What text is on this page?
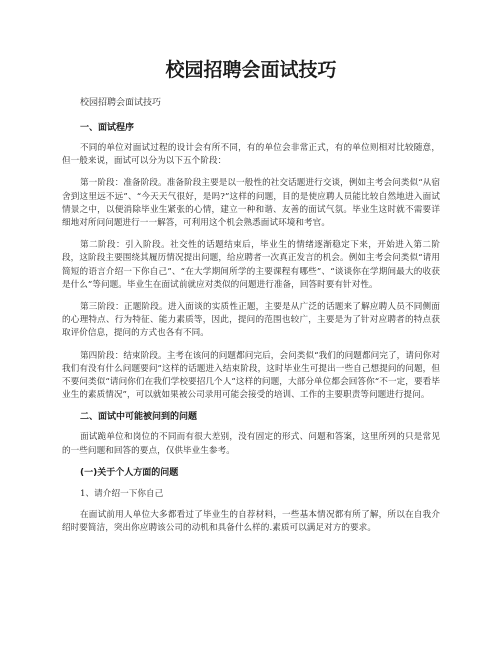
校园招聘会面试技巧
校园招聘会面试技巧
一、面试程序
不同的单位对面试过程的设计会有所不同，有的单位会非常正式，有的单位则相对比较随意，但一般来说，面试可以分为以下五个阶段：
第一阶段：准备阶段。准备阶段主要是以一般性的社交话题进行交谈，例如主考会问类似“从宿舍到这里远不远”、“今天天气很好，是吗?”这样的问题，目的是使应聘人员能比较自然地进入面试情景之中，以便消除毕业生紧张的心情，建立一种和谐、友善的面试气氛。毕业生这时就不需要详细地对所问问题进行一一解答，可利用这个机会熟悉面试环境和考官。
第二阶段：引入阶段。社交性的话题结束后，毕业生的情绪逐渐稳定下来，开始进入第二阶段，这阶段主要围绕其履历情况提出问题，给应聘者一次真正发言的机会。例如主考会问类似“请用简短的语言介绍一下你自己”、“在大学期间所学的主要课程有哪些”、“谈谈你在学期间最大的收获是什么”等问题。毕业生在面试前就应对类似的问题进行准备，回答时要有针对性。
第三阶段：正题阶段。进入面谈的实质性正题，主要是从广泛的话题来了解应聘人员不同侧面的心理特点、行为特征、能力素质等，因此，提问的范围也较广，主要是为了针对应聘者的特点获取评价信息，提问的方式也各有不同。
第四阶段：结束阶段。主考在该问的问题都问完后，会问类似“我们的问题都问完了，请问你对我们有没有什么问题要问”这样的话题进入结束阶段，这时毕业生可提出一些自己想提问的问题，但不要问类似“请问你们在我们学校要招几个人”这样的问题，大部分单位都会回答你“不一定，要看毕业生的素质情况”，可以就如果被公司录用可能会接受的培训、工作的主要职责等问题进行提问。
二、面试中可能被问到的问题
面试跪单位和岗位的不同而有很大差别，没有固定的形式、问题和答案，这里所列的只是常见的一些问题和回答的要点，仅供毕业生参考。
(一)关于个人方面的问题
1、请介绍一下你自己
在面试前用人单位大多都看过了毕业生的自荐材料，一些基本情况都有所了解，所以在自我介绍时要简洁，突出你应聘该公司的动机和具备什么样的.素质可以满足对方的要求。
